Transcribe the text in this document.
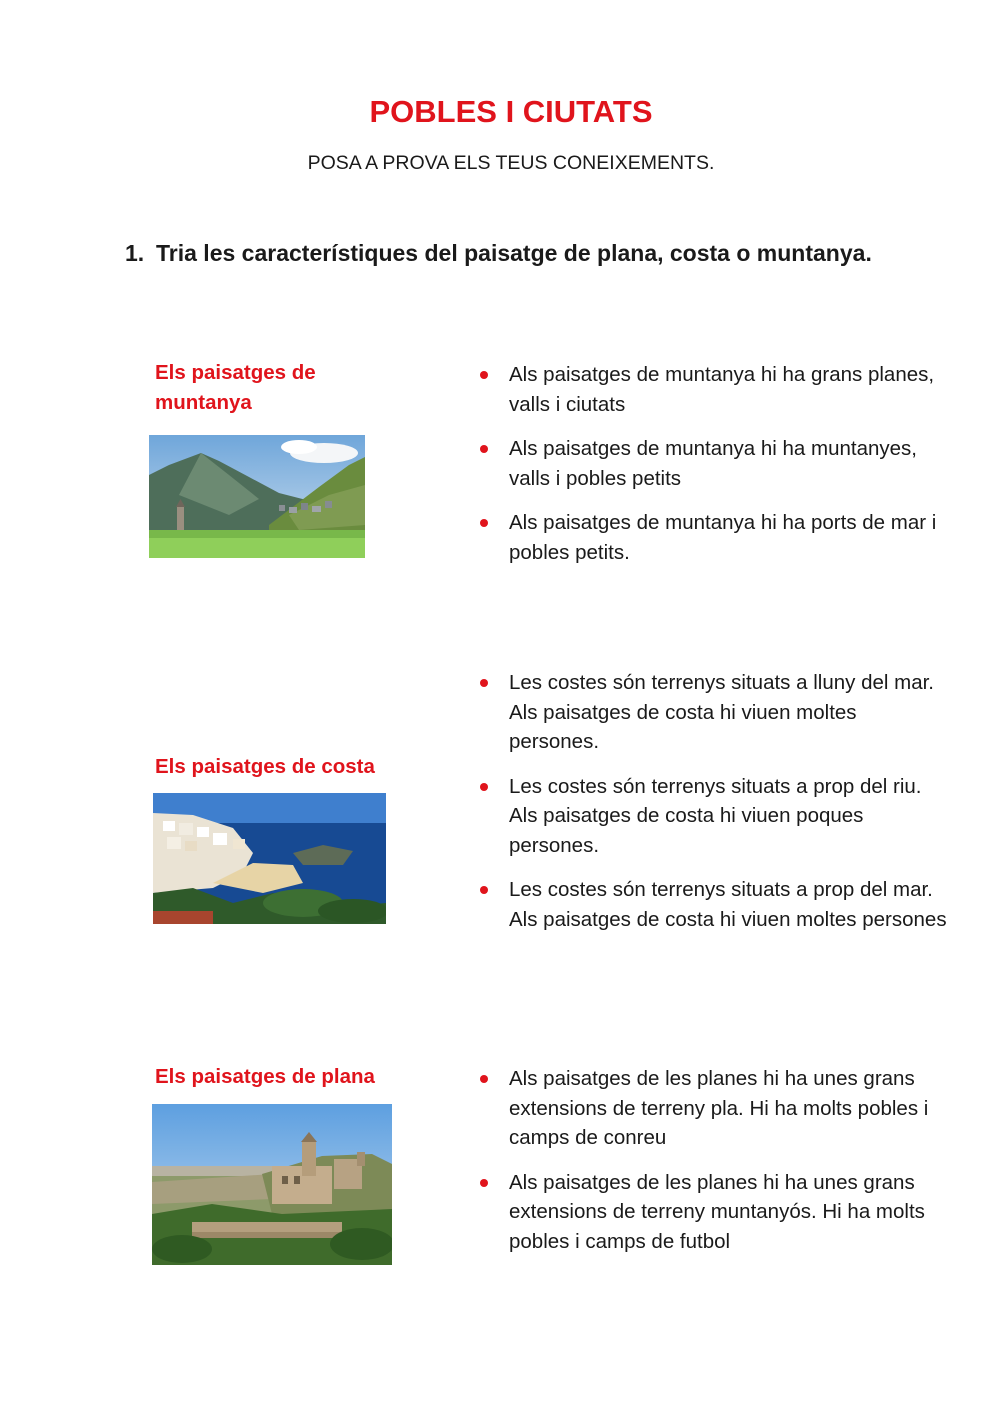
POBLES I CIUTATS

POSA A PROVA ELS TEUS CONEIXEMENTS.

1. Tria les característiques del paisatge de plana, costa o muntanya.
Els paisatges de muntanya
Als paisatges de muntanya hi ha grans planes, valls i ciutats
Als paisatges de muntanya hi ha muntanyes, valls i pobles petits
Als paisatges de muntanya hi ha ports de mar i pobles petits.
Els paisatges de costa
Les costes són terrenys situats a lluny del mar. Als paisatges de costa hi viuen moltes persones.
Les costes són terrenys situats a prop del riu. Als paisatges de costa hi viuen poques persones.
Les costes són terrenys situats a prop del mar. Als paisatges de costa hi viuen moltes persones
Els paisatges de plana	Als paisatges de les planes hi ha unes grans extensions de terreny pla. Hi ha molts pobles i camps de conreu
Als paisatges de les planes hi ha unes grans extensions de terreny muntanyós. Hi ha molts pobles i camps de futbol
